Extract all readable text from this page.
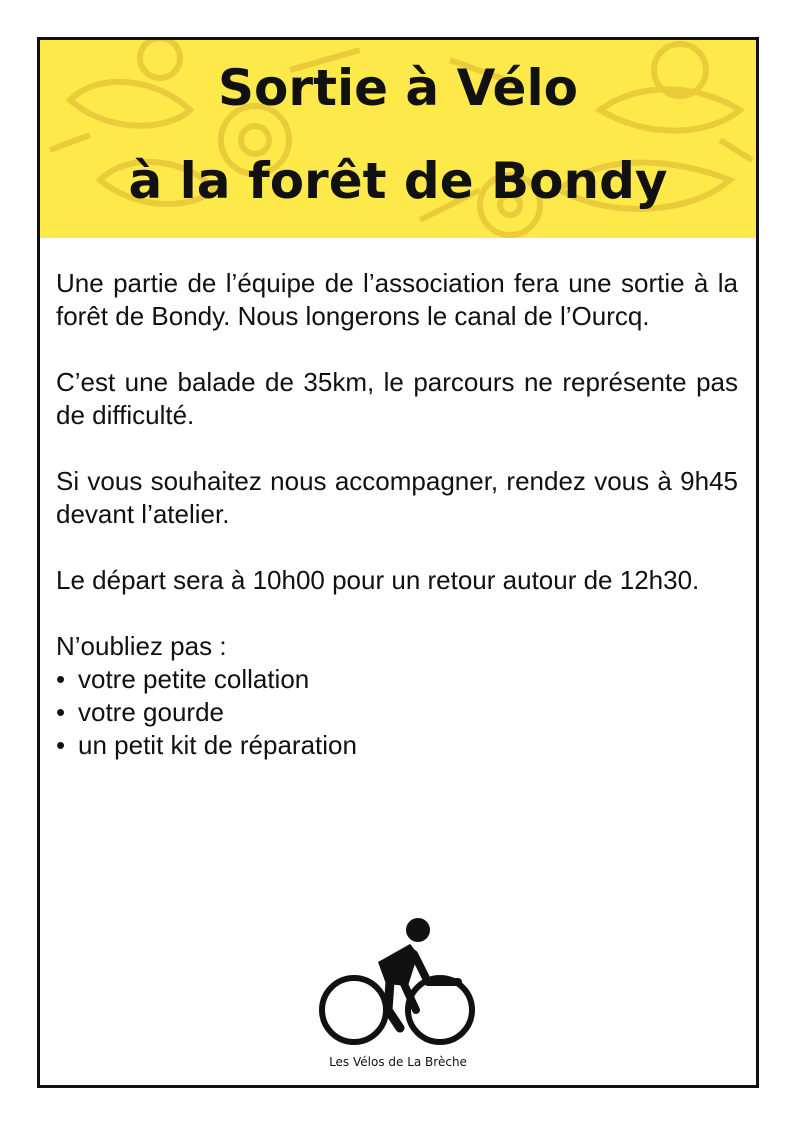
Sortie à Vélo
à la forêt de Bondy

Une partie de l’équipe de l’association fera une sortie à la forêt de Bondy. Nous longerons le canal de l’Ourcq.

C’est une balade de 35km, le parcours ne représente pas de difficulté.

Si vous souhaitez nous accompagner, rendez vous à 9h45 devant l’atelier.

Le départ sera à 10h00 pour un retour autour de 12h30.

N’oubliez pas :

• votre petite collation
• votre gourde
• un petit kit de réparation
Les Vélos de La Brèche
